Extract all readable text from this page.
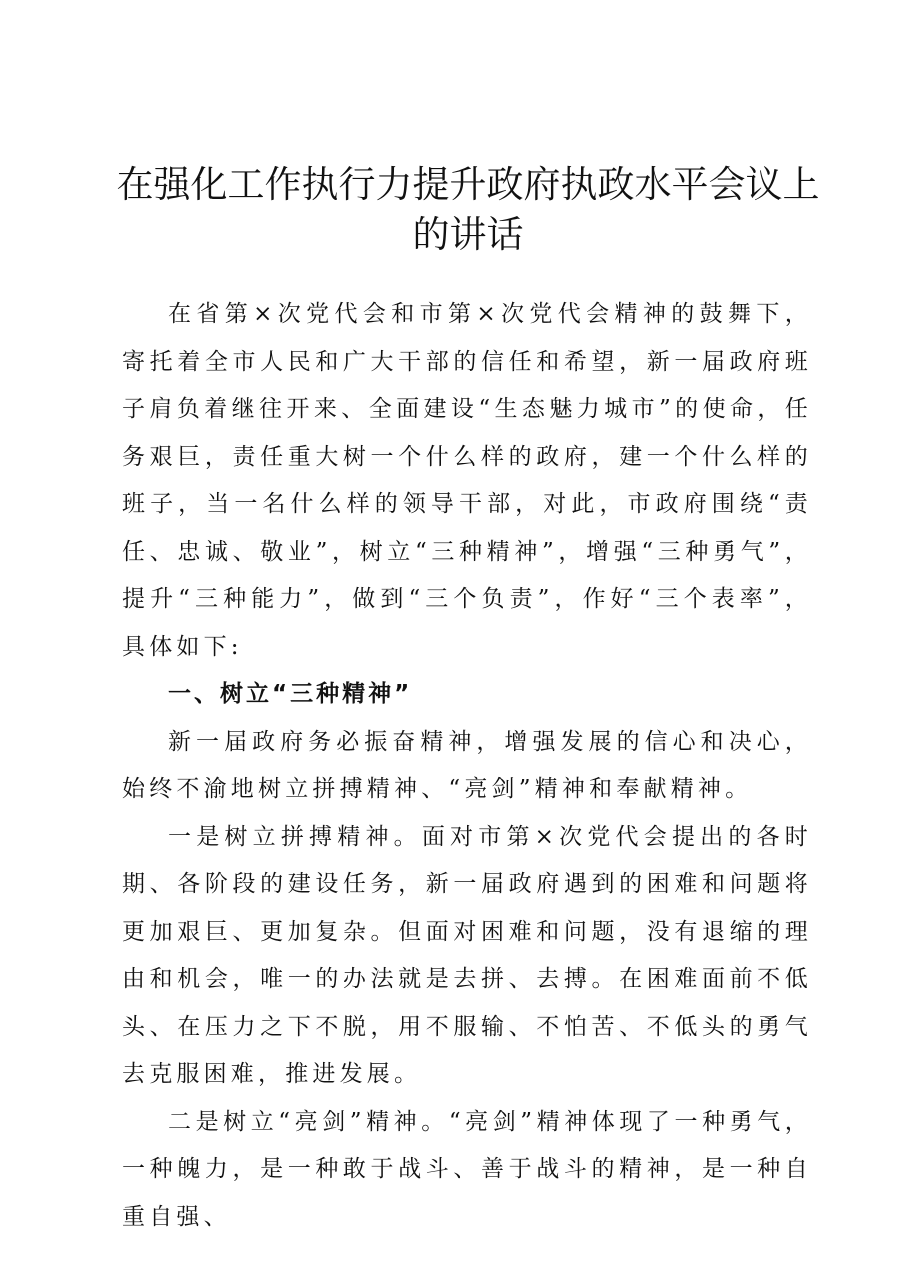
在强化工作执行力提升政府执政水平会议上的讲话

在省第×次党代会和市第×次党代会精神的鼓舞下，寄托着全市人民和广大干部的信任和希望，新一届政府班子肩负着继往开来、全面建设“生态魅力城市”的使命，任务艰巨，责任重大树一个什么样的政府，建一个什么样的班子，当一名什么样的领导干部，对此，市政府围绕“责任、忠诚、敬业”，树立“三种精神”，增强“三种勇气”，提升“三种能力”，做到“三个负责”，作好“三个表率”，具体如下:

一、树立“三种精神”

新一届政府务必振奋精神，增强发展的信心和决心，始终不渝地树立拼搏精神、“亮剑”精神和奉献精神。

一是树立拼搏精神。面对市第×次党代会提出的各时期、各阶段的建设任务，新一届政府遇到的困难和问题将更加艰巨、更加复杂。但面对困难和问题，没有退缩的理由和机会，唯一的办法就是去拼、去搏。在困难面前不低头、在压力之下不脱，用不服输、不怕苦、不低头的勇气去克服困难，推进发展。

二是树立“亮剑”精神。“亮剑”精神体现了一种勇气，一种魄力，是一种敢于战斗、善于战斗的精神，是一种自重自强、
